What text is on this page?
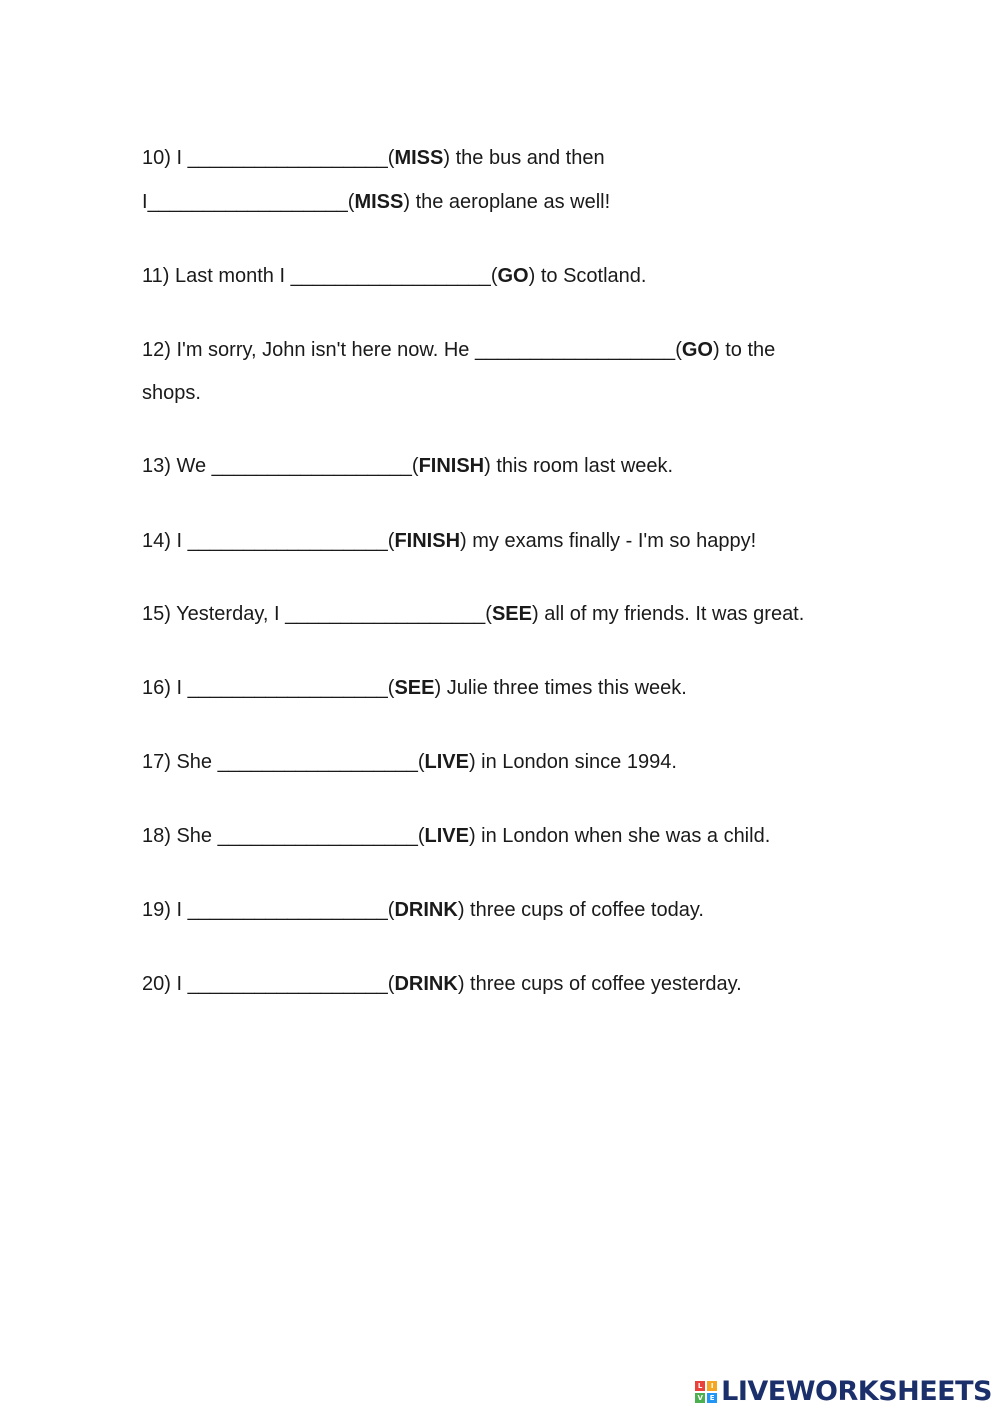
10) I __________________(MISS) the bus and then
I__________________(MISS) the aeroplane as well!
11) Last month I __________________(GO) to Scotland.
12) I'm sorry, John isn't here now. He __________________(GO) to the
shops.
13) We __________________(FINISH) this room last week.
14) I __________________(FINISH) my exams finally - I'm so happy!
15) Yesterday, I __________________(SEE) all of my friends. It was great.
16) I __________________(SEE) Julie three times this week.
17) She __________________(LIVE) in London since 1994.
18) She __________________(LIVE) in London when she was a child.
19) I __________________(DRINK) three cups of coffee today.
20) I __________________(DRINK) three cups of coffee yesterday.
L	I
V E LIVEWORKSHEETS
